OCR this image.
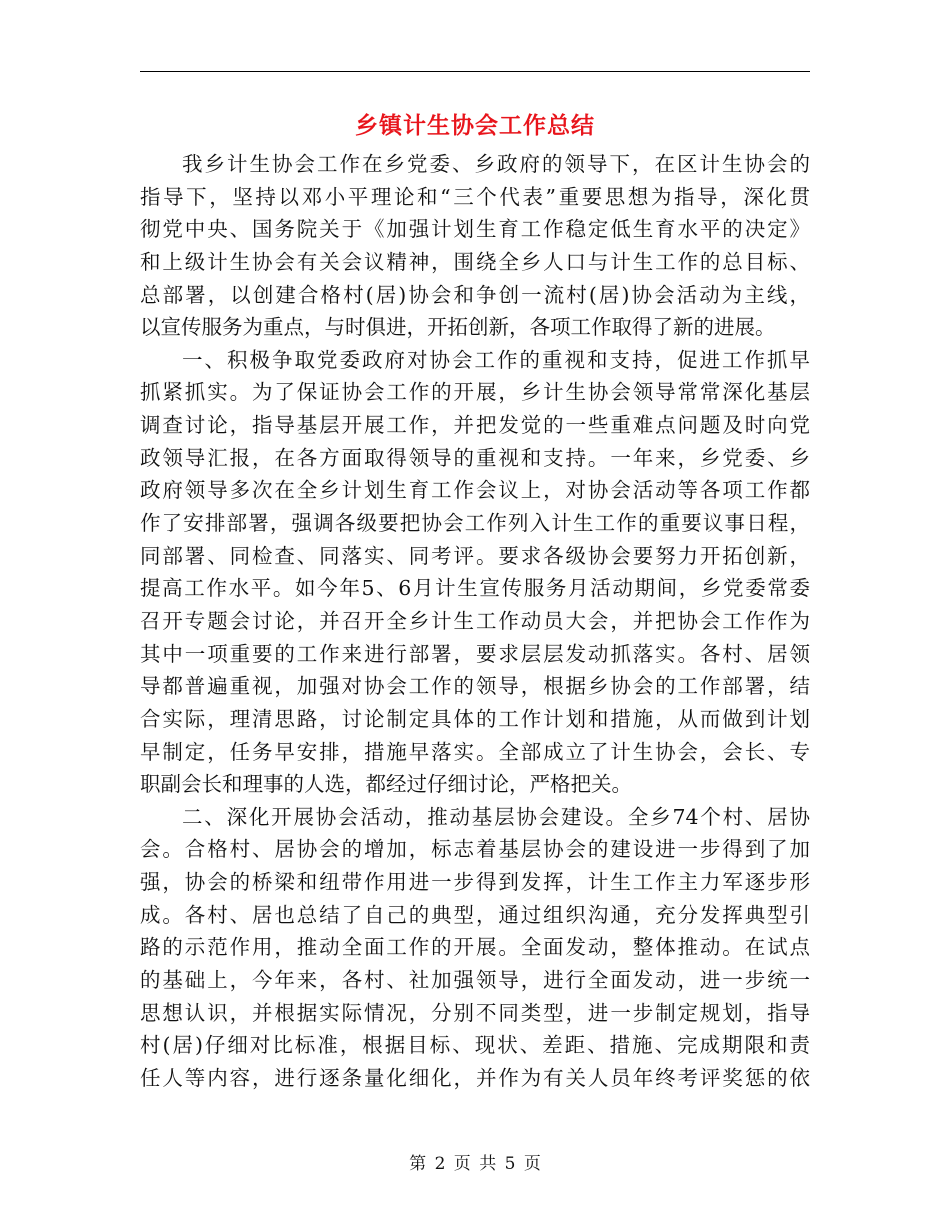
乡镇计生协会工作总结
我乡计生协会工作在乡党委、乡政府的领导下，在区计生协会的
指导下，坚持以邓小平理论和“三个代表”重要思想为指导，深化贯
彻党中央、国务院关于《加强计划生育工作稳定低生育水平的决定》
和上级计生协会有关会议精神，围绕全乡人口与计生工作的总目标、
总部署，以创建合格村(居)协会和争创一流村(居)协会活动为主线，
以宣传服务为重点，与时俱进，开拓创新，各项工作取得了新的进展。
一、积极争取党委政府对协会工作的重视和支持，促进工作抓早
抓紧抓实。为了保证协会工作的开展，乡计生协会领导常常深化基层
调查讨论，指导基层开展工作，并把发觉的一些重难点问题及时向党
政领导汇报，在各方面取得领导的重视和支持。一年来，乡党委、乡
政府领导多次在全乡计划生育工作会议上，对协会活动等各项工作都
作了安排部署，强调各级要把协会工作列入计生工作的重要议事日程，
同部署、同检查、同落实、同考评。要求各级协会要努力开拓创新，
提高工作水平。如今年5、6月计生宣传服务月活动期间，乡党委常委
召开专题会讨论，并召开全乡计生工作动员大会，并把协会工作作为
其中一项重要的工作来进行部署，要求层层发动抓落实。各村、居领
导都普遍重视，加强对协会工作的领导，根据乡协会的工作部署，结
合实际，理清思路，讨论制定具体的工作计划和措施，从而做到计划
早制定，任务早安排，措施早落实。全部成立了计生协会，会长、专
职副会长和理事的人选，都经过仔细讨论，严格把关。
二、深化开展协会活动，推动基层协会建设。全乡74个村、居协
会。合格村、居协会的增加，标志着基层协会的建设进一步得到了加
强，协会的桥梁和纽带作用进一步得到发挥，计生工作主力军逐步形
成。各村、居也总结了自己的典型，通过组织沟通，充分发挥典型引
路的示范作用，推动全面工作的开展。全面发动，整体推动。在试点
的基础上，今年来，各村、社加强领导，进行全面发动，进一步统一
思想认识，并根据实际情况，分别不同类型，进一步制定规划，指导
村(居)仔细对比标准，根据目标、现状、差距、措施、完成期限和责
任人等内容，进行逐条量化细化，并作为有关人员年终考评奖惩的依
第 2 页 共 5 页
